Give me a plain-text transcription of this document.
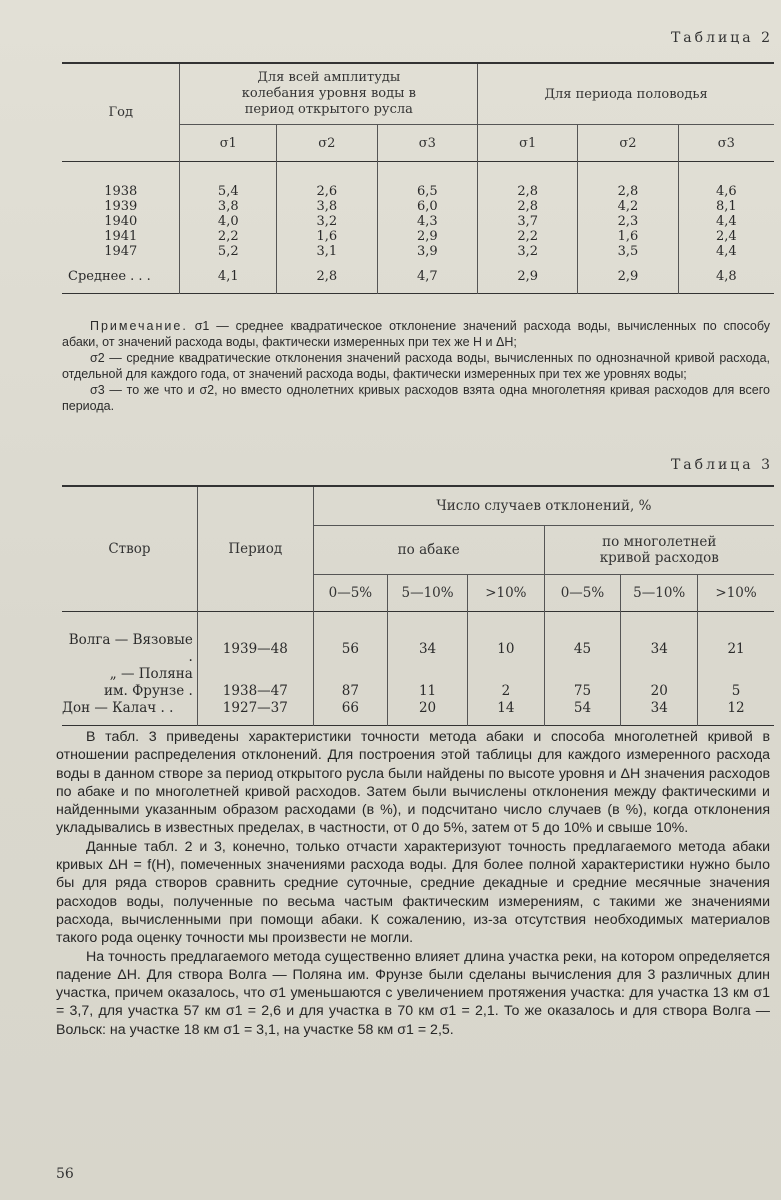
Таблица 2
Год	Для всей амплитуды колебания уровня воды в период открытого русла			Для периода половодья		
	σ1	σ2	σ3	σ1	σ2	σ3

1938	5,4	2,6	6,5	2,8	2,8	4,6
1939	3,8	3,8	6,0	2,8	4,2	8,1
1940	4,0	3,2	4,3	3,7	2,3	4,4
1941	2,2	1,6	2,9	2,2	1,6	2,4
1947	5,2	3,1	3,9	3,2	3,5	4,4
Среднее . . .	4,1	2,8	4,7	2,9	2,9	4,8

Примечание. σ1 — среднее квадратическое отклонение значений расхода воды, вычисленных по способу абаки, от значений расхода воды, фактически измеренных при тех же H и ΔH;

σ2 — средние квадратические отклонения значений расхода воды, вычисленных по однозначной кривой расхода, отдельной для каждого года, от значений расхода воды, фактически измеренных при тех же уровнях воды;

σ3 — то же что и σ2, но вместо однолетних кривых расходов взята одна многолетняя кривая расходов для всего периода.

Таблица 3
Створ	Период	Число случаев отклонений, %					
		по абаке			по многолетней кривой расходов		
		0—5%	5—10%	>10%	0—5%	5—10%	>10%

Волга — Вязовые .	1939—48	56	34	10	45	34	21
„ — Поляна							
им. Фрунзе .	1938—47	87	11	2	75	20	5
Дон — Калач . .	1927—37	66	20	14	54	34	12

В табл. 3 приведены характеристики точности метода абаки и способа многолетней кривой в отношении распределения отклонений. Для построения этой таблицы для каждого измеренного расхода воды в данном створе за период открытого русла были найдены по высоте уровня и ΔH значения расходов по абаке и по многолетней кривой расходов. Затем были вычислены отклонения между фактическими и найденными указанным образом расходами (в %), и подсчитано число случаев (в %), когда отклонения укладывались в известных пределах, в частности, от 0 до 5%, затем от 5 до 10% и свыше 10%.

Данные табл. 2 и 3, конечно, только отчасти характеризуют точность предлагаемого метода абаки кривых ΔH = f(H), помеченных значениями расхода воды. Для более полной характеристики нужно было бы для ряда створов сравнить средние суточные, средние декадные и средние месячные значения расходов воды, полученные по весьма частым фактическим измерениям, с такими же значениями расхода, вычисленными при помощи абаки. К сожалению, из-за отсутствия необходимых материалов такого рода оценку точности мы произвести не могли.

На точность предлагаемого метода существенно влияет длина участка реки, на котором определяется падение ΔH. Для створа Волга — Поляна им. Фрунзе были сделаны вычисления для 3 различных длин участка, причем оказалось, что σ1 уменьшаются с увеличением протяжения участка: для участка 13 км σ1 = 3,7, для участка 57 км σ1 = 2,6 и для участка в 70 км σ1 = 2,1. То же оказалось и для створа Волга — Вольск: на участке 18 км σ1 = 3,1, на участке 58 км σ1 = 2,5.

56
